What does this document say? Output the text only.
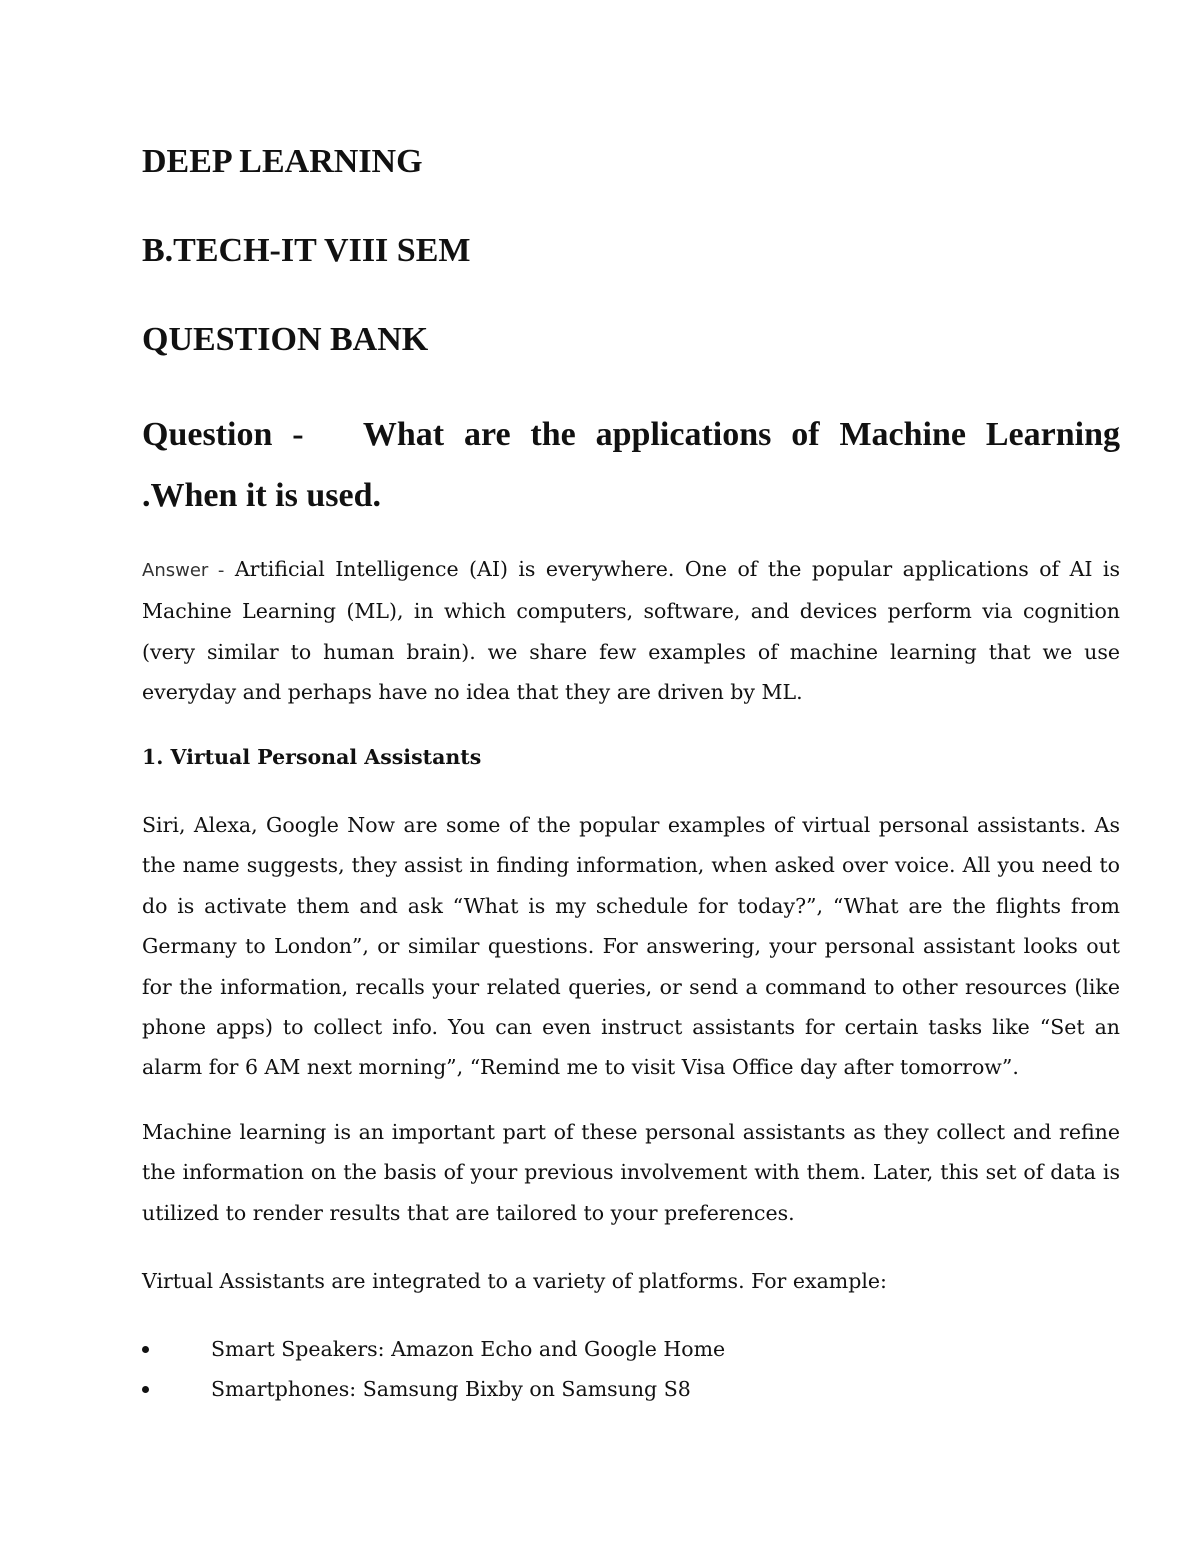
DEEP LEARNING
B.TECH-IT VIII SEM
QUESTION BANK

Question - What are the applications of Machine Learning .When it is used.

Answer - Artificial Intelligence (AI) is everywhere. One of the popular applications of AI is Machine Learning (ML), in which computers, software, and devices perform via cognition (very similar to human brain). we share few examples of machine learning that we use everyday and perhaps have no idea that they are driven by ML.

1. Virtual Personal Assistants

Siri, Alexa, Google Now are some of the popular examples of virtual personal assistants. As the name suggests, they assist in finding information, when asked over voice. All you need to do is activate them and ask “What is my schedule for today?”, “What are the flights from Germany to London”, or similar questions. For answering, your personal assistant looks out for the information, recalls your related queries, or send a command to other resources (like phone apps) to collect info. You can even instruct assistants for certain tasks like “Set an alarm for 6 AM next morning”, “Remind me to visit Visa Office day after tomorrow”.

Machine learning is an important part of these personal assistants as they collect and refine the information on the basis of your previous involvement with them. Later, this set of data is utilized to render results that are tailored to your preferences.

Virtual Assistants are integrated to a variety of platforms. For example:

Smart Speakers: Amazon Echo and Google Home
Smartphones: Samsung Bixby on Samsung S8
